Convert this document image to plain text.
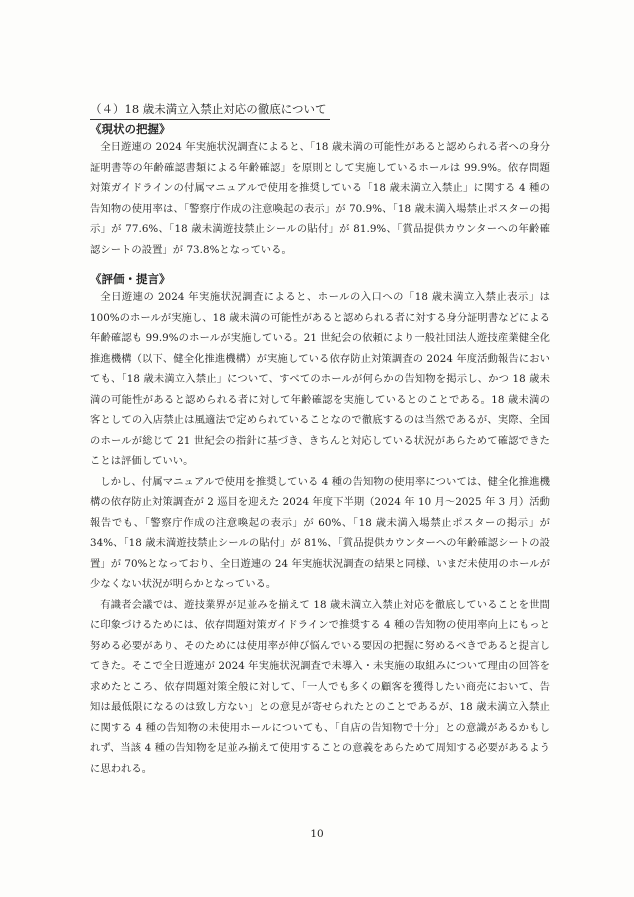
（４）18 歳未満立入禁止対応の徹底について
《現状の把握》

全日遊連の 2024 年実施状況調査によると、「18 歳未満の可能性があると認められる者への身分証明書等の年齢確認書類による年齢確認」を原則として実施しているホールは 99.9%。依存問題対策ガイドラインの付属マニュアルで使用を推奨している「18 歳未満立入禁止」に関する 4 種の告知物の使用率は、「警察庁作成の注意喚起の表示」が 70.9%、「18 歳未満入場禁止ポスターの掲示」が 77.6%、「18 歳未満遊技禁止シールの貼付」が 81.9%、「賞品提供カウンターへの年齢確認シートの設置」が 73.8%となっている。

《評価・提言》

全日遊連の 2024 年実施状況調査によると、ホールの入口への「18 歳未満立入禁止表示」は 100%のホールが実施し、18 歳未満の可能性があると認められる者に対する身分証明書などによる年齢確認も 99.9%のホールが実施している。21 世紀会の依頼により一般社団法人遊技産業健全化推進機構（以下、健全化推進機構）が実施している依存防止対策調査の 2024 年度活動報告においても、「18 歳未満立入禁止」について、すべてのホールが何らかの告知物を掲示し、かつ 18 歳未満の可能性があると認められる者に対して年齢確認を実施しているとのことである。18 歳未満の客としての入店禁止は風適法で定められていることなので徹底するのは当然であるが、実際、全国のホールが総じて 21 世紀会の指針に基づき、きちんと対応している状況があらためて確認できたことは評価していい。

しかし、付属マニュアルで使用を推奨している 4 種の告知物の使用率については、健全化推進機構の依存防止対策調査が 2 巡目を迎えた 2024 年度下半期（2024 年 10 月～2025 年 3 月）活動報告でも、「警察庁作成の注意喚起の表示」が 60%、「18 歳未満入場禁止ポスターの掲示」が 34%、「18 歳未満遊技禁止シールの貼付」が 81%、「賞品提供カウンターへの年齢確認シートの設置」が 70%となっており、全日遊連の 24 年実施状況調査の結果と同様、いまだ未使用のホールが少なくない状況が明らかとなっている。

有識者会議では、遊技業界が足並みを揃えて 18 歳未満立入禁止対応を徹底していることを世間に印象づけるためには、依存問題対策ガイドラインで推奨する 4 種の告知物の使用率向上にもっと努める必要があり、そのためには使用率が伸び悩んでいる要因の把握に努めるべきであると提言してきた。そこで全日遊連が 2024 年実施状況調査で未導入・未実施の取組みについて理由の回答を求めたところ、依存問題対策全般に対して、「一人でも多くの顧客を獲得したい商売において、告知は最低限になるのは致し方ない」との意見が寄せられたとのことであるが、18 歳未満立入禁止に関する 4 種の告知物の未使用ホールについても、「自店の告知物で十分」との意識があるかもしれず、当該 4 種の告知物を足並み揃えて使用することの意義をあらためて周知する必要があるように思われる。

10
